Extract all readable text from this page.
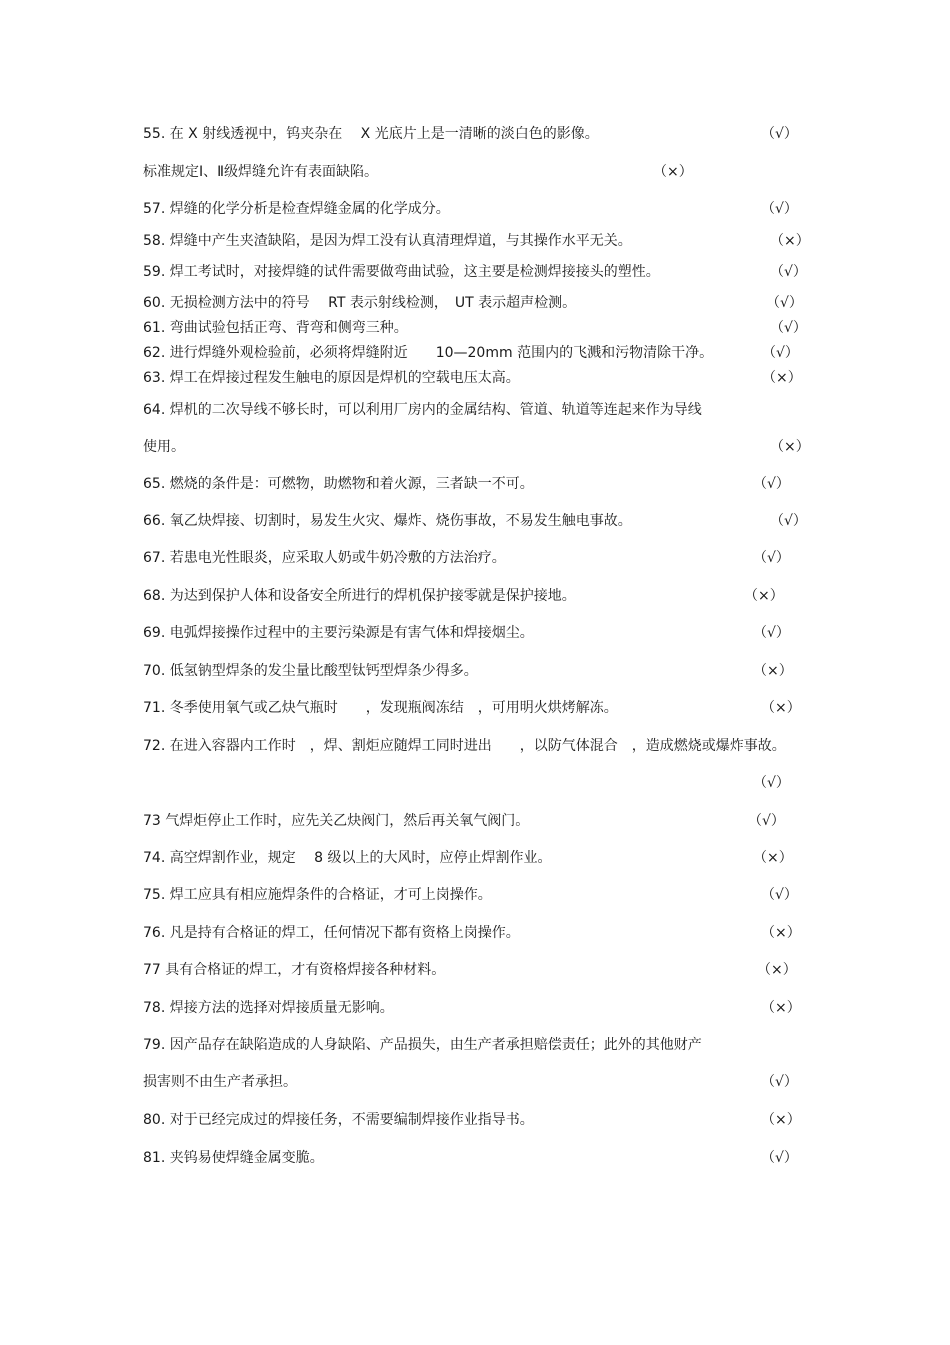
55. 在 X 射线透视中，钨夹杂在　 X 光底片上是一清晰的淡白色的影像。	（√）
标准规定Ⅰ、Ⅱ级焊缝允许有表面缺陷。	（×）
57. 焊缝的化学分析是检查焊缝金属的化学成分。	（√）
58. 焊缝中产生夹渣缺陷，是因为焊工没有认真清理焊道，与其操作水平无关。	（×）
59. 焊工考试时，对接焊缝的试件需要做弯曲试验，这主要是检测焊接接头的塑性。	（√）
60. 无损检测方法中的符号　 RT 表示射线检测，　UT 表示超声检测。	（√）
61. 弯曲试验包括正弯、背弯和侧弯三种。	（√）
62. 进行焊缝外观检验前，必须将焊缝附近　　10—20mm 范围内的飞溅和污物清除干净。	（√）
63. 焊工在焊接过程发生触电的原因是焊机的空载电压太高。	（×）
64. 焊机的二次导线不够长时，可以利用厂房内的金属结构、管道、轨道等连起来作为导线
使用。	（×）
65. 燃烧的条件是：可燃物，助燃物和着火源，三者缺一不可。	（√）
66. 氧乙炔焊接、切割时，易发生火灾、爆炸、烧伤事故，不易发生触电事故。	（√）
67. 若患电光性眼炎，应采取人奶或牛奶冷敷的方法治疗。	（√）
68. 为达到保护人体和设备安全所进行的焊机保护接零就是保护接地。	（×）
69. 电弧焊接操作过程中的主要污染源是有害气体和焊接烟尘。	（√）
70. 低氢钠型焊条的发尘量比酸型钛钙型焊条少得多。	（×）
71. 冬季使用氧气或乙炔气瓶时　　，发现瓶阀冻结　，可用明火烘烤解冻。	（×）
72. 在进入容器内工作时　，焊、割炬应随焊工同时进出　　，以防气体混合　，造成燃烧或爆炸事故。
（√）
73 气焊炬停止工作时，应先关乙炔阀门，然后再关氧气阀门。	（√）
74. 高空焊割作业，规定　 8 级以上的大风时，应停止焊割作业。	（×）
75. 焊工应具有相应施焊条件的合格证，才可上岗操作。	（√）
76. 凡是持有合格证的焊工，任何情况下都有资格上岗操作。	（×）
77 具有合格证的焊工，才有资格焊接各种材料。	（×）
78. 焊接方法的选择对焊接质量无影响。	（×）
79. 因产品存在缺陷造成的人身缺陷、产品损失，由生产者承担赔偿责任；此外的其他财产
损害则不由生产者承担。	（√）
80. 对于已经完成过的焊接任务，不需要编制焊接作业指导书。	（×）
81. 夹钨易使焊缝金属变脆。	（√）
